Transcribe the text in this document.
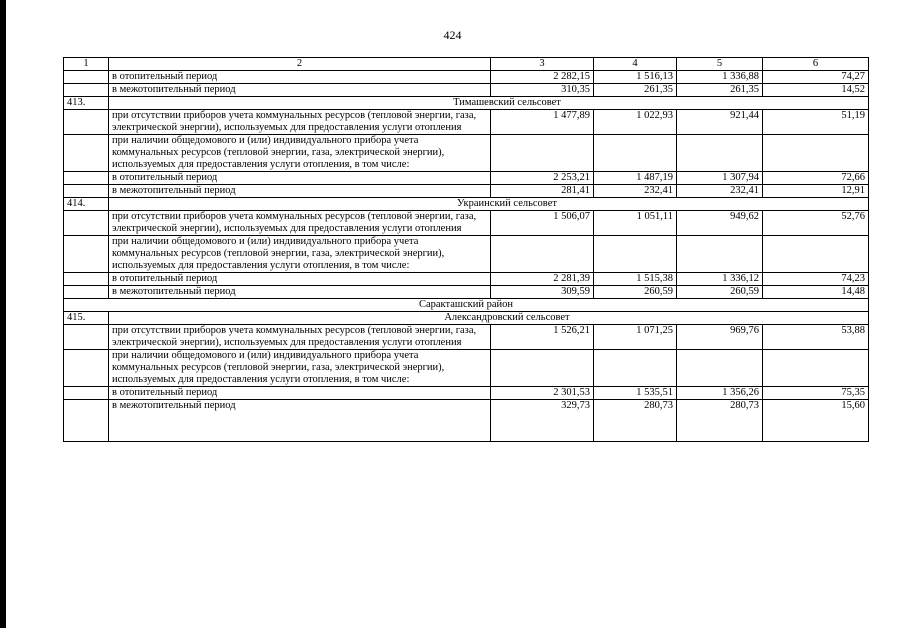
424
1	2	3	4	5	6
	в отопительный период	2 282,15	1 516,13	1 336,88	74,27
	в межотопительный период	310,35	261,35	261,35	14,52
413.	Тимашевский сельсовет				
	при отсутствии приборов учета коммунальных ресурсов (тепловой энергии, газа, электрической энергии), используемых для предоставления услуги отопления	1 477,89	1 022,93	921,44	51,19
	при наличии общедомового и (или) индивидуального прибора учета коммунальных ресурсов (тепловой энергии, газа, электрической энергии), используемых для предоставления услуги отопления, в том числе:				
	в отопительный период	2 253,21	1 487,19	1 307,94	72,66
	в межотопительный период	281,41	232,41	232,41	12,91
414.	Украинский сельсовет				
	при отсутствии приборов учета коммунальных ресурсов (тепловой энергии, газа, электрической энергии), используемых для предоставления услуги отопления	1 506,07	1 051,11	949,62	52,76
	при наличии общедомового и (или) индивидуального прибора учета коммунальных ресурсов (тепловой энергии, газа, электрической энергии), используемых для предоставления услуги отопления, в том числе:				
	в отопительный период	2 281,39	1 515,38	1 336,12	74,23
	в межотопительный период	309,59	260,59	260,59	14,48
Саракташский район					
415.	Александровский сельсовет				
	при отсутствии приборов учета коммунальных ресурсов (тепловой энергии, газа, электрической энергии), используемых для предоставления услуги отопления	1 526,21	1 071,25	969,76	53,88
	при наличии общедомового и (или) индивидуального прибора учета коммунальных ресурсов (тепловой энергии, газа, электрической энергии), используемых для предоставления услуги отопления, в том числе:				
	в отопительный период	2 301,53	1 535,51	1 356,26	75,35
	в межотопительный период	329,73	280,73	280,73	15,60
